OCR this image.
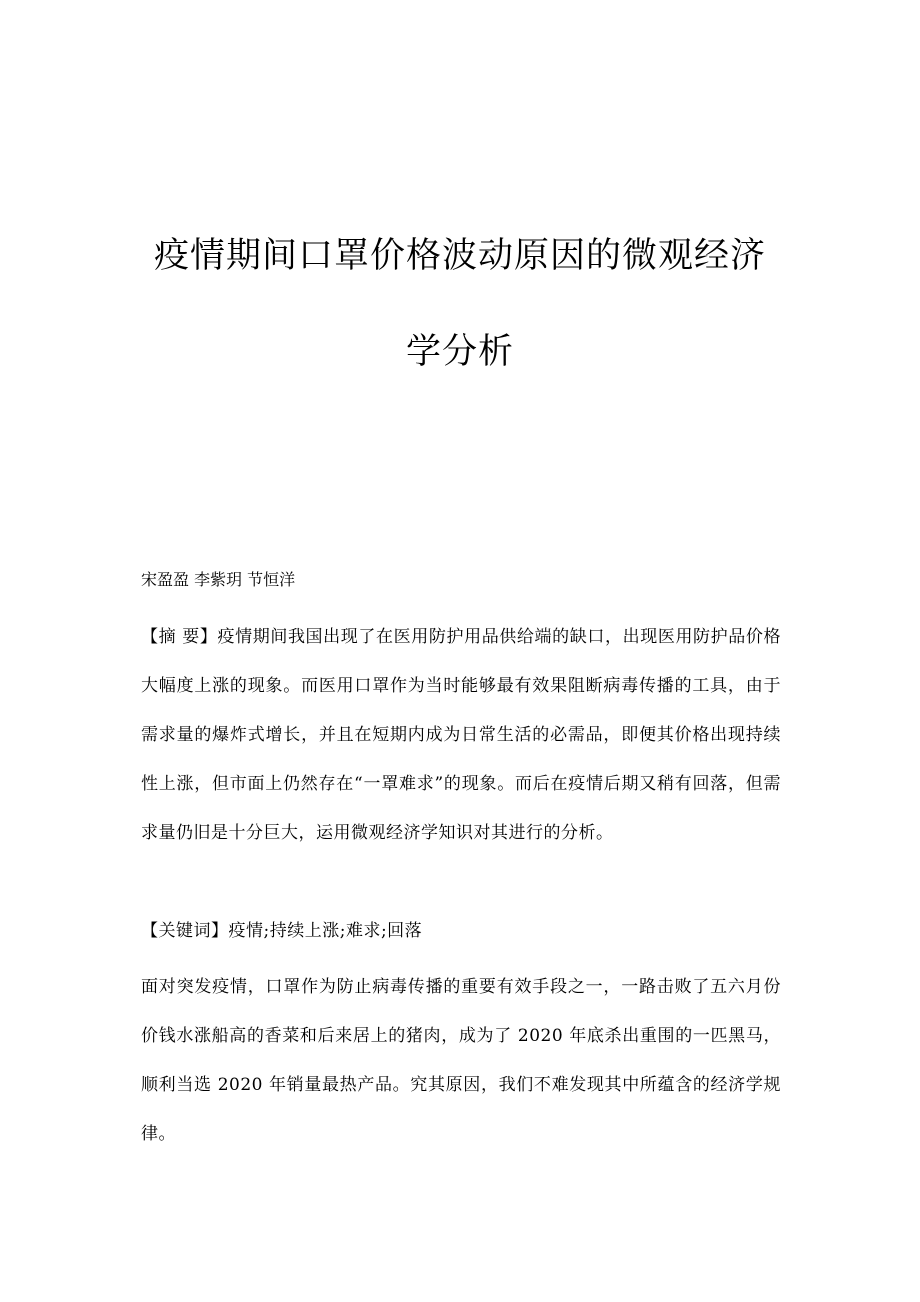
疫情期间口罩价格波动原因的微观经济
学分析
宋盈盈 李紫玥 节恒洋

【摘 要】疫情期间我国出现了在医用防护用品供给端的缺口，出现医用防护品价格大幅度上涨的现象。而医用口罩作为当时能够最有效果阻断病毒传播的工具，由于需求量的爆炸式增长，并且在短期内成为日常生活的必需品，即便其价格出现持续性上涨，但市面上仍然存在“一罩难求”的现象。而后在疫情后期又稍有回落，但需求量仍旧是十分巨大，运用微观经济学知识对其进行的分析。

【关键词】疫情;持续上涨;难求;回落

面对突发疫情，口罩作为防止病毒传播的重要有效手段之一，一路击败了五六月份价钱水涨船高的香菜和后来居上的猪肉，成为了 2020 年底杀出重围的一匹黑马，顺利当选 2020 年销量最热产品。究其原因，我们不难发现其中所蕴含的经济学规律。
